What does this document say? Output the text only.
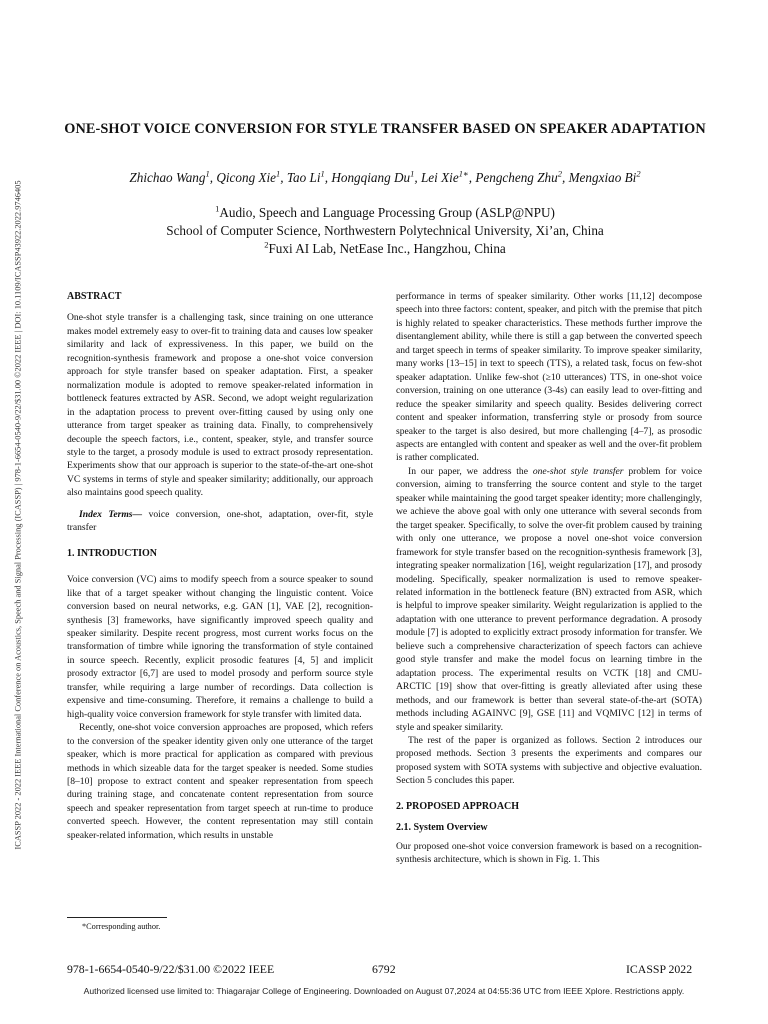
ICASSP 2022 - 2022 IEEE International Conference on Acoustics, Speech and Signal Processing (ICASSP) | 978-1-6654-0540-9/22/$31.00 ©2022 IEEE | DOI: 10.1109/ICASSP43922.2022.9746405
ONE-SHOT VOICE CONVERSION FOR STYLE TRANSFER BASED ON SPEAKER ADAPTATION
Zhichao Wang$^1$, Qicong Xie$^1$, Tao Li$^1$, Hongqiang Du$^1$, Lei Xie$^{1∗}$, Pengcheng Zhu$^2$, Mengxiao Bi$^2$
$^1$Audio, Speech and Language Processing Group (ASLP@NPU)
School of Computer Science, Northwestern Polytechnical University, Xi’an, China
$^2$Fuxi AI Lab, NetEase Inc., Hangzhou, China

ABSTRACT

One-shot style transfer is a challenging task, since training on one utterance makes model extremely easy to over-fit to training data and causes low speaker similarity and lack of expressiveness. In this paper, we build on the recognition-synthesis framework and propose a one-shot voice conversion approach for style transfer based on speaker adaptation. First, a speaker normalization module is adopted to remove speaker-related information in bottleneck features extracted by ASR. Second, we adopt weight regularization in the adaptation process to prevent over-fitting caused by using only one utterance from target speaker as training data. Finally, to comprehensively decouple the speech factors, i.e., content, speaker, style, and transfer source style to the target, a prosody module is used to extract prosody representation. Experiments show that our approach is superior to the state-of-the-art one-shot VC systems in terms of style and speaker similarity; additionally, our approach also maintains good speech quality.

Index Terms— voice conversion, one-shot, adaptation, over-fit, style transfer

1. INTRODUCTION

Voice conversion (VC) aims to modify speech from a source speaker to sound like that of a target speaker without changing the linguistic content. Voice conversion based on neural networks, e.g. GAN [1], VAE [2], recognition-synthesis [3] frameworks, have significantly improved speech quality and speaker similarity. Despite recent progress, most current works focus on the transformation of timbre while ignoring the transformation of style contained in source speech. Recently, explicit prosodic features [4, 5] and implicit prosody extractor [6,7] are used to model prosody and perform source style transfer, while requiring a large number of recordings. Data collection is expensive and time-consuming. Therefore, it remains a challenge to build a high-quality voice conversion framework for style transfer with limited data.

Recently, one-shot voice conversion approaches are proposed, which refers to the conversion of the speaker identity given only one utterance of the target speaker, which is more practical for application as compared with previous methods in which sizeable data for the target speaker is needed. Some studies [8–10] propose to extract content and speaker representation from speech during training stage, and concatenate content representation from source speech and speaker representation from target speech at run-time to produce converted speech. However, the content representation may still contain speaker-related information, which results in unstable

performance in terms of speaker similarity. Other works [11,12] decompose speech into three factors: content, speaker, and pitch with the premise that pitch is highly related to speaker characteristics. These methods further improve the disentanglement ability, while there is still a gap between the converted speech and target speech in terms of speaker similarity. To improve speaker similarity, many works [13–15] in text to speech (TTS), a related task, focus on few-shot speaker adaptation. Unlike few-shot (≥10 utterances) TTS, in one-shot voice conversion, training on one utterance (3-4s) can easily lead to over-fitting and reduce the speaker similarity and speech quality. Besides delivering correct content and speaker information, transferring style or prosody from source speaker to the target is also desired, but more challenging [4–7], as prosodic aspects are entangled with content and speaker as well and the over-fit problem is rather complicated.

In our paper, we address the one-shot style transfer problem for voice conversion, aiming to transferring the source content and style to the target speaker while maintaining the good target speaker identity; more challengingly, we achieve the above goal with only one utterance with several seconds from the target speaker. Specifically, to solve the over-fit problem caused by training with only one utterance, we propose a novel one-shot voice conversion framework for style transfer based on the recognition-synthesis framework [3], integrating speaker normalization [16], weight regularization [17], and prosody modeling. Specifically, speaker normalization is used to remove speaker-related information in the bottleneck feature (BN) extracted from ASR, which is helpful to improve speaker similarity. Weight regularization is applied to the adaptation with one utterance to prevent performance degradation. A prosody module [7] is adopted to explicitly extract prosody information for transfer. We believe such a comprehensive characterization of speech factors can achieve good style transfer and make the model focus on learning timbre in the adaptation process. The experimental results on VCTK [18] and CMU-ARCTIC [19] show that over-fitting is greatly alleviated after using these methods, and our framework is better than several state-of-the-art (SOTA) methods including AGAINVC [9], GSE [11] and VQMIVC [12] in terms of style and speaker similarity.

The rest of the paper is organized as follows. Section 2 introduces our proposed methods. Section 3 presents the experiments and compares our proposed system with SOTA systems with subjective and objective evaluation. Section 5 concludes this paper.

2. PROPOSED APPROACH

2.1. System Overview

Our proposed one-shot voice conversion framework is based on a recognition-synthesis architecture, which is shown in Fig. 1. This

*Corresponding author.
978-1-6654-0540-9/22/$31.00 ©2022 IEEE	6792	ICASSP 2022
Authorized licensed use limited to: Thiagarajar College of Engineering. Downloaded on August 07,2024 at 04:55:36 UTC from IEEE Xplore. Restrictions apply.
